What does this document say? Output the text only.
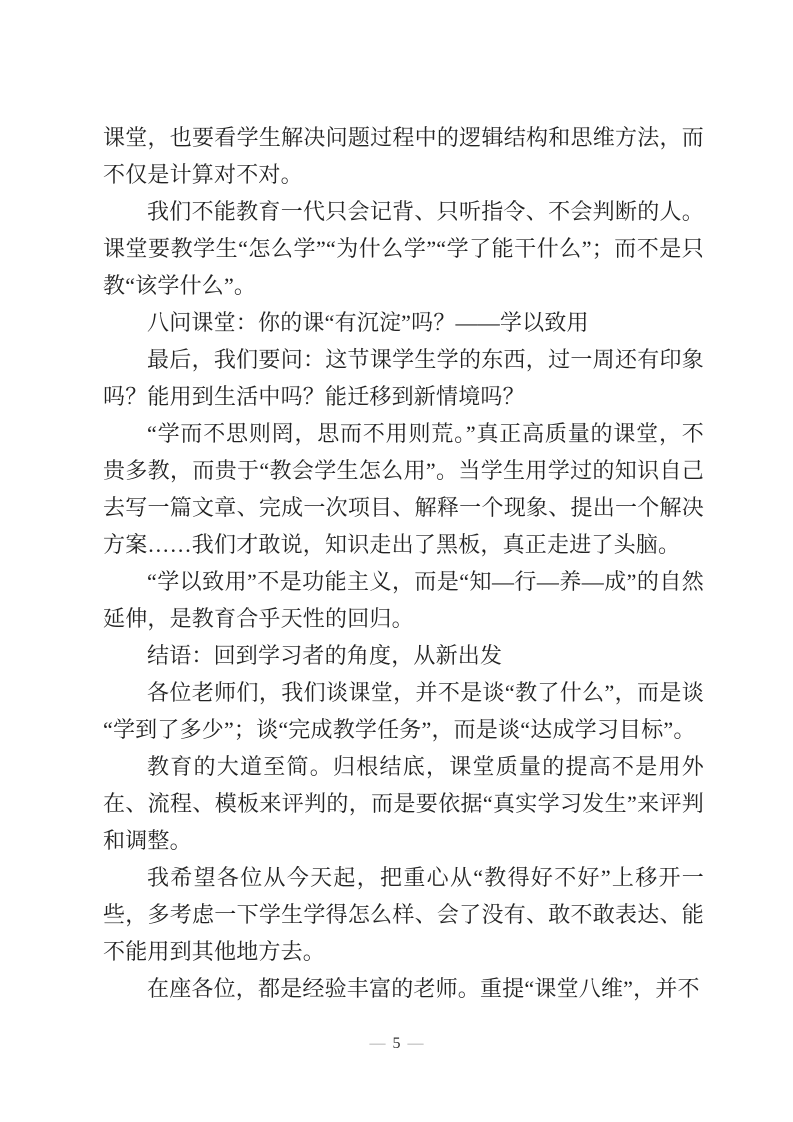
课堂，也要看学生解决问题过程中的逻辑结构和思维方法，而不仅是计算对不对。

我们不能教育一代只会记背、只听指令、不会判断的人。课堂要教学生“怎么学”“为什么学”“学了能干什么”；而不是只教“该学什么”。

八问课堂：你的课“有沉淀”吗？——学以致用

最后，我们要问：这节课学生学的东西，过一周还有印象吗？能用到生活中吗？能迁移到新情境吗？

“学而不思则罔，思而不用则荒。”真正高质量的课堂，不贵多教，而贵于“教会学生怎么用”。当学生用学过的知识自己去写一篇文章、完成一次项目、解释一个现象、提出一个解决方案……我们才敢说，知识走出了黑板，真正走进了头脑。

“学以致用”不是功能主义，而是“知—行—养—成”的自然延伸，是教育合乎天性的回归。

结语：回到学习者的角度，从新出发

各位老师们，我们谈课堂，并不是谈“教了什么”，而是谈“学到了多少”；谈“完成教学任务”，而是谈“达成学习目标”。

教育的大道至简。归根结底，课堂质量的提高不是用外在、流程、模板来评判的，而是要依据“真实学习发生”来评判和调整。

我希望各位从今天起，把重心从“教得好不好”上移开一些，多考虑一下学生学得怎么样、会了没有、敢不敢表达、能不能用到其他地方去。

在座各位，都是经验丰富的老师。重提“课堂八维”，并不

— 5 —
